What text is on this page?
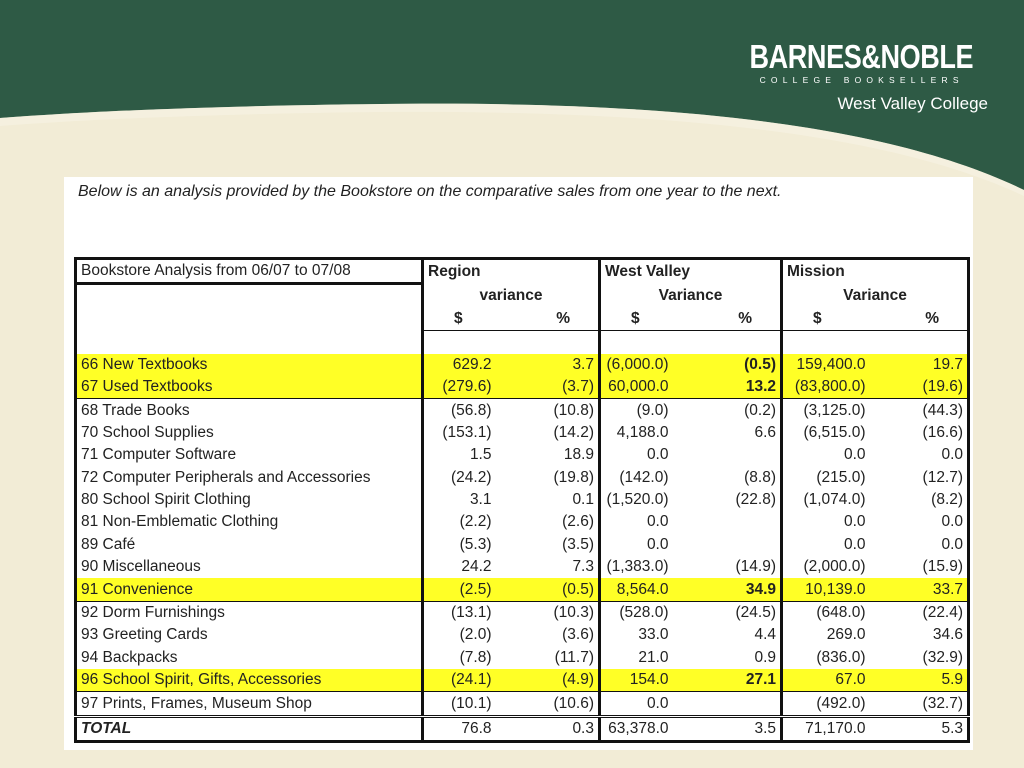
BARNES&NOBLE
COLLEGE BOOKSELLERS
West Valley College
Below is an analysis provided by the Bookstore on the comparative sales from one year to the next.
Bookstore Analysis from 06/07 to 07/08	Region		West Valley		Mission	
	variance		Variance		Variance	
	$	%	$	%	$	%

66 New Textbooks	629.2	3.7	(6,000.0)	(0.5)	159,400.0	19.7
67 Used Textbooks	(279.6)	(3.7)	60,000.0	13.2	(83,800.0)	(19.6)
68 Trade Books	(56.8)	(10.8)	(9.0)	(0.2)	(3,125.0)	(44.3)
70 School Supplies	(153.1)	(14.2)	4,188.0	6.6	(6,515.0)	(16.6)
71 Computer Software	1.5	18.9	0.0		0.0	0.0
72 Computer Peripherals and Accessories	(24.2)	(19.8)	(142.0)	(8.8)	(215.0)	(12.7)
80 School Spirit Clothing	3.1	0.1	(1,520.0)	(22.8)	(1,074.0)	(8.2)
81 Non-Emblematic Clothing	(2.2)	(2.6)	0.0		0.0	0.0
89 Café	(5.3)	(3.5)	0.0		0.0	0.0
90 Miscellaneous	24.2	7.3	(1,383.0)	(14.9)	(2,000.0)	(15.9)
91 Convenience	(2.5)	(0.5)	8,564.0	34.9	10,139.0	33.7
92 Dorm Furnishings	(13.1)	(10.3)	(528.0)	(24.5)	(648.0)	(22.4)
93 Greeting Cards	(2.0)	(3.6)	33.0	4.4	269.0	34.6
94 Backpacks	(7.8)	(11.7)	21.0	0.9	(836.0)	(32.9)
96 School Spirit, Gifts, Accessories	(24.1)	(4.9)	154.0	27.1	67.0	5.9
97 Prints, Frames, Museum Shop	(10.1)	(10.6)	0.0		(492.0)	(32.7)
TOTAL	76.8	0.3	63,378.0	3.5	71,170.0	5.3
